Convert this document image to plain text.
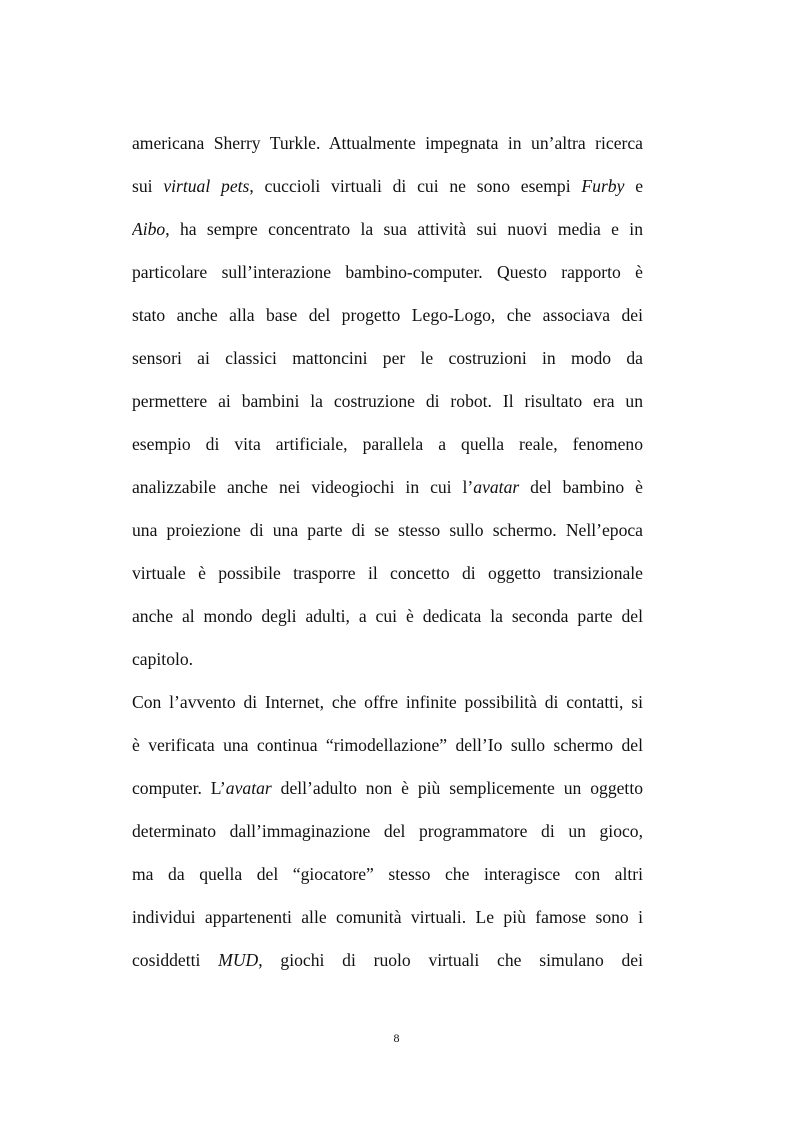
americana Sherry Turkle. Attualmente impegnata in un’altra ricerca
sui virtual pets, cuccioli virtuali di cui ne sono esempi Furby e
Aibo, ha sempre concentrato la sua attività sui nuovi media e in
particolare sull’interazione bambino-computer. Questo rapporto è
stato anche alla base del progetto Lego-Logo, che associava dei
sensori ai classici mattoncini per le costruzioni in modo da
permettere ai bambini la costruzione di robot. Il risultato era un
esempio di vita artificiale, parallela a quella reale, fenomeno
analizzabile anche nei videogiochi in cui l’avatar del bambino è
una proiezione di una parte di se stesso sullo schermo. Nell’epoca
virtuale è possibile trasporre il concetto di oggetto transizionale
anche al mondo degli adulti, a cui è dedicata la seconda parte del
capitolo.
Con l’avvento di Internet, che offre infinite possibilità di contatti, si
è verificata una continua “rimodellazione” dell’Io sullo schermo del
computer. L’avatar dell’adulto non è più semplicemente un oggetto
determinato dall’immaginazione del programmatore di un gioco,
ma da quella del “giocatore” stesso che interagisce con altri
individui appartenenti alle comunità virtuali. Le più famose sono i
cosiddetti MUD, giochi di ruolo virtuali che simulano dei
8
